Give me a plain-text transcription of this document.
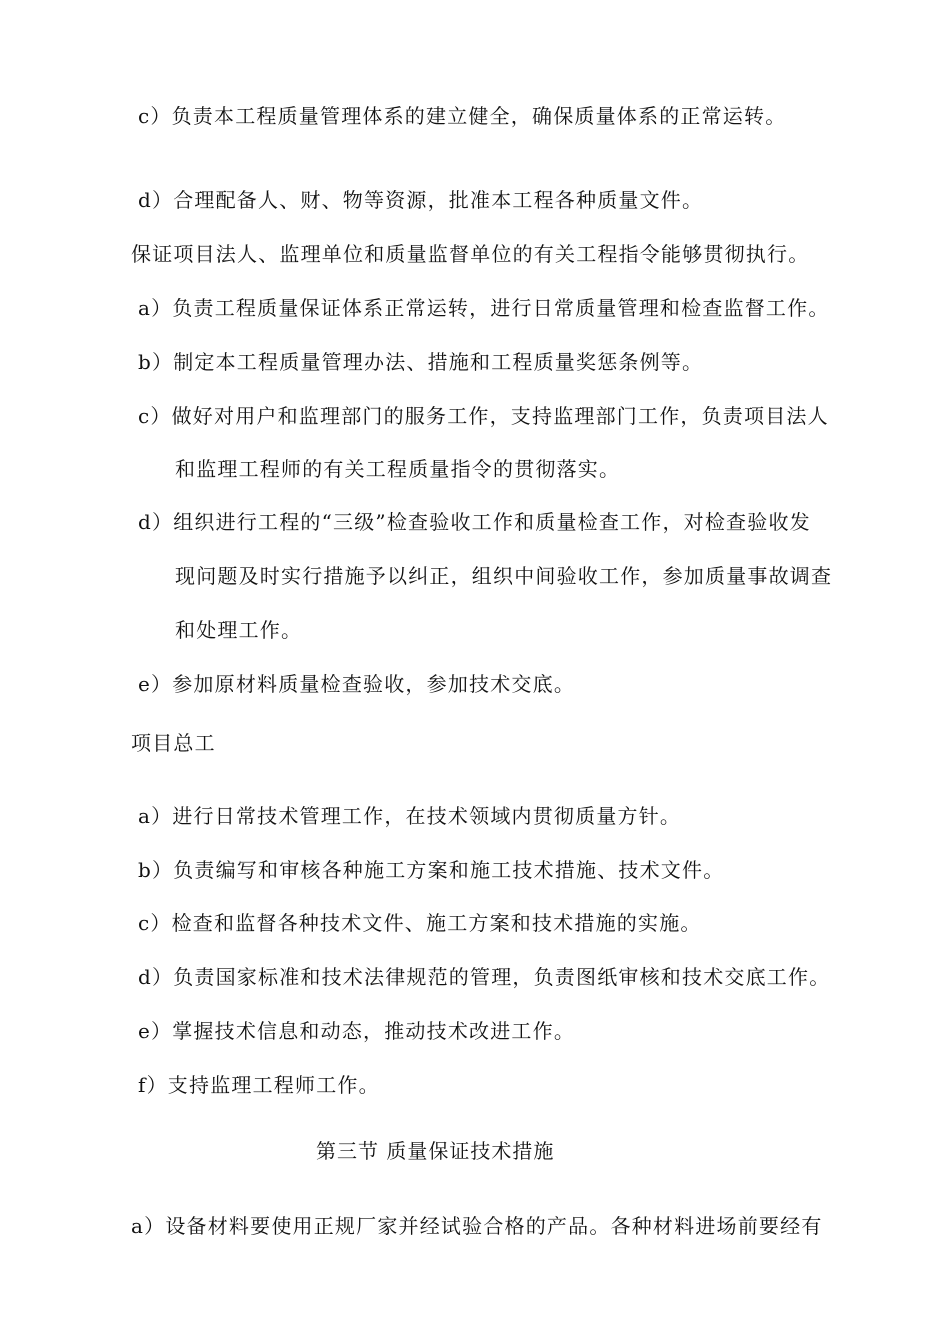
c）负责本工程质量管理体系的建立健全，确保质量体系的正常运转。
d）合理配备人、财、物等资源，批准本工程各种质量文件。
保证项目法人、监理单位和质量监督单位的有关工程指令能够贯彻执行。
a）负责工程质量保证体系正常运转，进行日常质量管理和检查监督工作。
b）制定本工程质量管理办法、措施和工程质量奖惩条例等。
c）做好对用户和监理部门的服务工作，支持监理部门工作，负责项目法人
和监理工程师的有关工程质量指令的贯彻落实。
d）组织进行工程的“三级”检查验收工作和质量检查工作，对检查验收发
现问题及时实行措施予以纠正，组织中间验收工作，参加质量事故调查
和处理工作。
e）参加原材料质量检查验收，参加技术交底。
项目总工
a）进行日常技术管理工作，在技术领域内贯彻质量方针。
b）负责编写和审核各种施工方案和施工技术措施、技术文件。
c）检查和监督各种技术文件、施工方案和技术措施的实施。
d）负责国家标准和技术法律规范的管理，负责图纸审核和技术交底工作。
e）掌握技术信息和动态，推动技术改进工作。
f）支持监理工程师工作。
第三节 质量保证技术措施
a）设备材料要使用正规厂家并经试验合格的产品。各种材料进场前要经有
